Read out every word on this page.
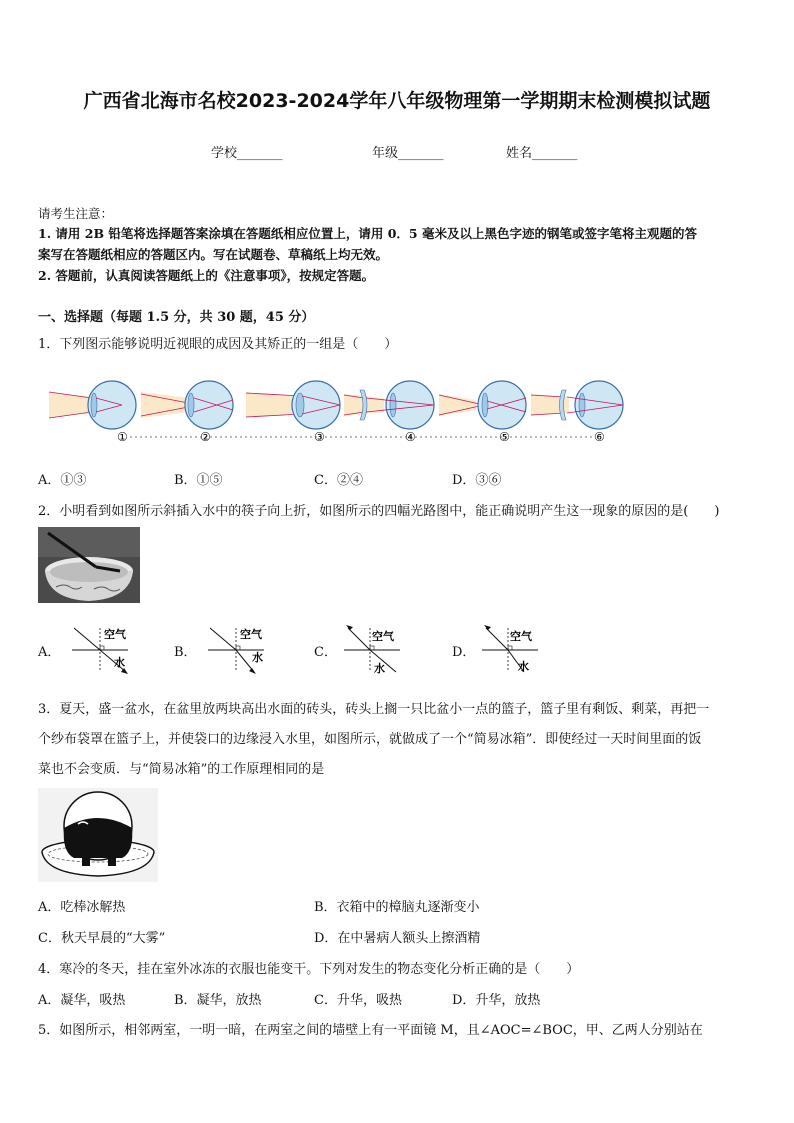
广西省北海市名校2023-2024学年八年级物理第一学期期末检测模拟试题
学校_______	年级_______	姓名_______
请考生注意：
1. 请用 2B 铅笔将选择题答案涂填在答题纸相应位置上，请用 0．5 毫米及以上黑色字迹的钢笔或签字笔将主观题的答
案写在答题纸相应的答题区内。写在试题卷、草稿纸上均无效。
2. 答题前，认真阅读答题纸上的《注意事项》，按规定答题。
一、选择题（每题 1.5 分，共 30 题，45 分）
1．下列图示能够说明近视眼的成因及其矫正的一组是（　　）
①	②	③	④	⑤	⑥
A．①③	B．①⑤	C．②④	D．③⑥
2．小明看到如图所示斜插入水中的筷子向上折，如图所示的四幅光路图中，能正确说明产生这一现象的原因的是(　　)
A．
空气
水
B．
空气
水	C．
空气
水
D．
空气
水
3．夏天，盛一盆水，在盆里放两块高出水面的砖头，砖头上搁一只比盆小一点的篮子，篮子里有剩饭、剩菜，再把一
个纱布袋罩在篮子上，并使袋口的边缘浸入水里，如图所示，就做成了一个“简易冰箱”．即使经过一天时间里面的饭
菜也不会变质．与“简易冰箱”的工作原理相同的是
A．吃棒冰解热	B．衣箱中的樟脑丸逐渐变小
C．秋天早晨的“大雾”	D．在中暑病人额头上擦酒精
4．寒冷的冬天，挂在室外冰冻的衣服也能变干。下列对发生的物态变化分析正确的是（　　）
A．凝华，吸热	B．凝华，放热	C．升华，吸热	D．升华，放热
5．如图所示，相邻两室，一明一暗，在两室之间的墙壁上有一平面镜 M，且∠AOC=∠BOC，甲、乙两人分别站在
